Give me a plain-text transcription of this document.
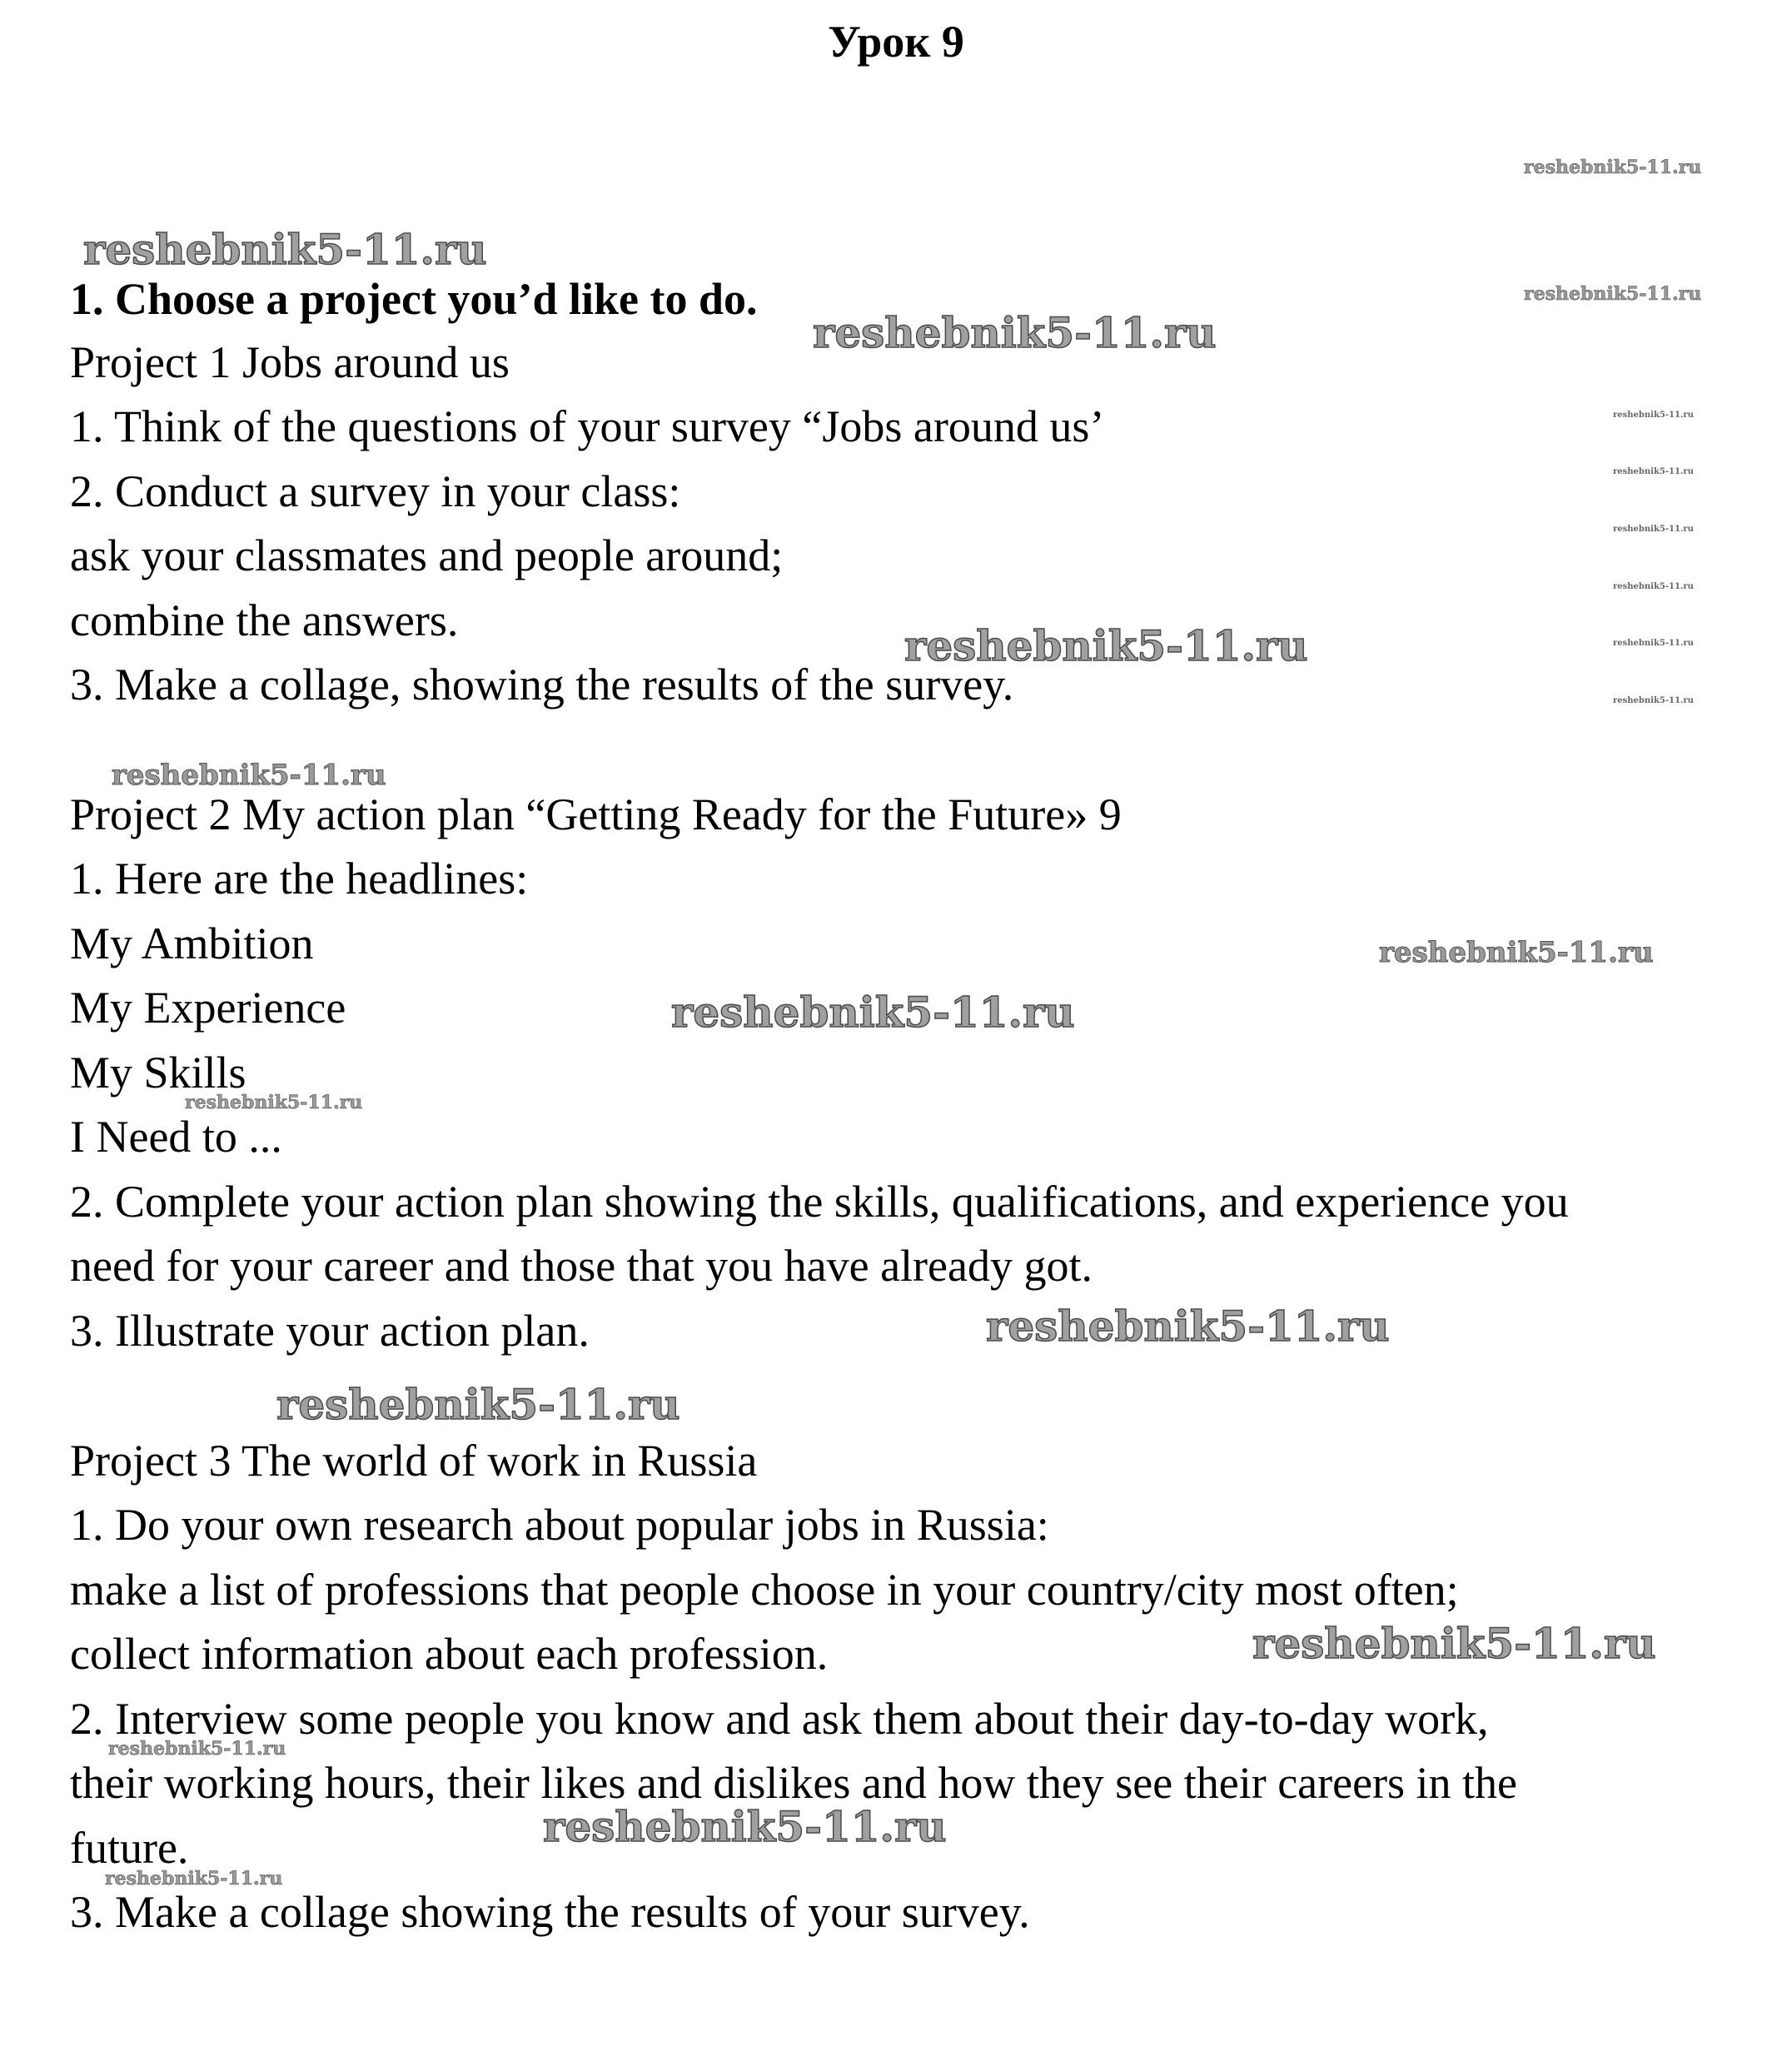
Урок 9
reshebnik5-11.ru
reshebnik5-11.ru
reshebnik5-11.ru
reshebnik5-11.ru
reshebnik5-11.ru
reshebnik5-11.ru
reshebnik5-11.ru
reshebnik5-11.ru
reshebnik5-11.ru
reshebnik5-11.ru
reshebnik5-11.ru
reshebnik5-11.ru
reshebnik5-11.ru
reshebnik5-11.ru
reshebnik5-11.ru
reshebnik5-11.ru
reshebnik5-11.ru
reshebnik5-11.ru
reshebnik5-11.ru
reshebnik5-11.ru
reshebnik5-11.ru
1. Choose a project you’d like to do.
Project 1 Jobs around us
1. Think of the questions of your survey “Jobs around us’
2. Conduct a survey in your class:
ask your classmates and people around;
combine the answers.
3. Make a collage, showing the results of the survey.
Project 2 My action plan “Getting Ready for the Future» 9
1. Here are the headlines:
My Ambition
My Experience
My Skills
I Need to ...
2. Complete your action plan showing the skills, qualifications, and experience you
need for your career and those that you have already got.
3. Illustrate your action plan.
Project 3 The world of work in Russia
1. Do your own research about popular jobs in Russia:
make a list of professions that people choose in your country/city most often;
collect information about each profession.
2. Interview some people you know and ask them about their day-to-day work,
their working hours, their likes and dislikes and how they see their careers in the
future.
3. Make a collage showing the results of your survey.
